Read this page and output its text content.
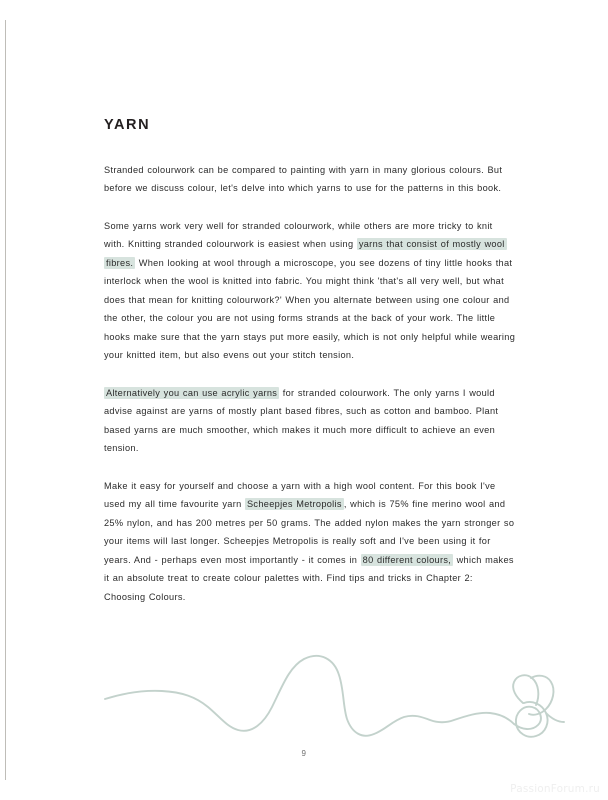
YARN

Stranded colourwork can be compared to painting with yarn in many glorious colours. But before we discuss colour, let's delve into which yarns to use for the patterns in this book.

Some yarns work very well for stranded colourwork, while others are more tricky to knit with. Knitting stranded colourwork is easiest when using yarns that consist of mostly wool fibres. When looking at wool through a microscope, you see dozens of tiny little hooks that interlock when the wool is knitted into fabric. You might think 'that's all very well, but what does that mean for knitting colourwork?' When you alternate between using one colour and the other, the colour you are not using forms strands at the back of your work. The little hooks make sure that the yarn stays put more easily, which is not only helpful while wearing your knitted item, but also evens out your stitch tension.

Alternatively you can use acrylic yarns for stranded colourwork. The only yarns I would advise against are yarns of mostly plant based fibres, such as cotton and bamboo. Plant based yarns are much smoother, which makes it much more difficult to achieve an even tension.

Make it easy for yourself and choose a yarn with a high wool content. For this book I've used my all time favourite yarn Scheepjes Metropolis , which is 75% fine merino wool and 25% nylon, and has 200 metres per 50 grams. The added nylon makes the yarn stronger so your items will last longer. Scheepjes Metropolis is really soft and I've been using it for years. And - perhaps even most importantly - it comes in 80 different colours, which makes it an absolute treat to create colour palettes with. Find tips and tricks in Chapter 2: Choosing Colours.

9
PassionForum.ru
